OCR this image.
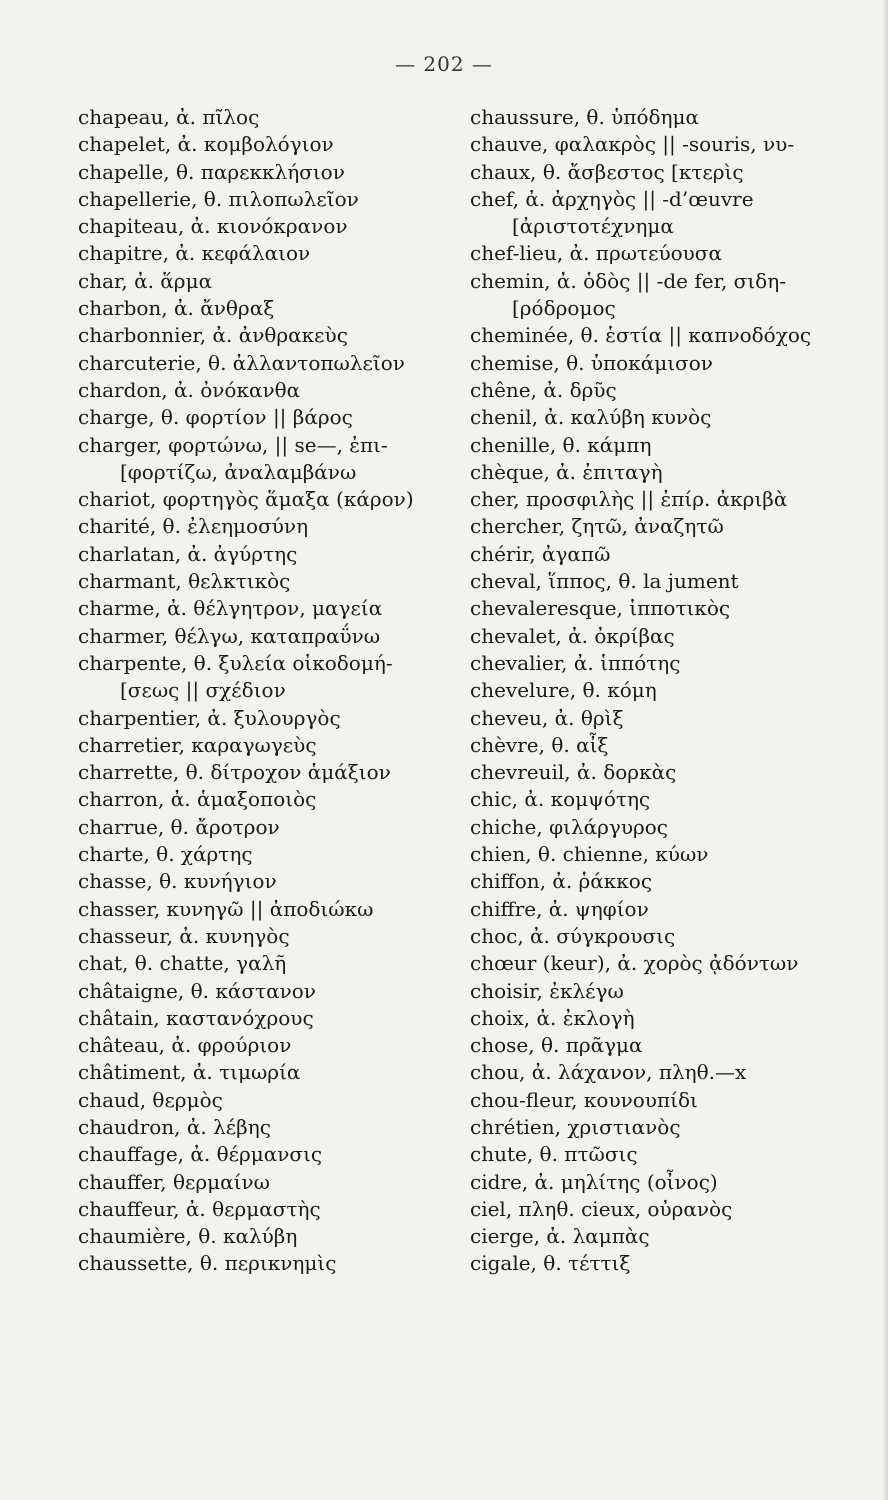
— 202 —
chapeau, ἀ. πῖλος
chapelet, ἀ. κομβολόγιον
chapelle, θ. παρεκκλήσιον
chapellerie, θ. πιλοπωλεῖον
chapiteau, ἀ. κιονόκρανον
chapitre, ἀ. κεφάλαιον
char, ἀ. ἅρμα
charbon, ἀ. ἄνθραξ
charbonnier, ἀ. ἀνθρακεὺς
charcuterie, θ. ἀλλαντοπωλεῖον
chardon, ἀ. ὀνόκανθα
charge, θ. φορτίον || βάρος
charger, φορτώνω, || se—, ἐπι-
[φορτίζω, ἀναλαμβάνω
chariot, φορτηγὸς ἅμαξα (κάρον)
charité, θ. ἐλεημοσύνη
charlatan, ἀ. ἀγύρτης
charmant, θελκτικὸς
charme, ἀ. θέλγητρον, μαγεία
charmer, θέλγω, καταπραΰνω
charpente, θ. ξυλεία οἰκοδομή-
[σεως || σχέδιον
charpentier, ἀ. ξυλουργὸς
charretier, καραγωγεὺς
charrette, θ. δίτροχον ἁμάξιον
charron, ἀ. ἁμαξοποιὸς
charrue, θ. ἄροτρον
charte, θ. χάρτης
chasse, θ. κυνήγιον
chasser, κυνηγῶ || ἀποδιώκω
chasseur, ἀ. κυνηγὸς
chat, θ. chatte, γαλῆ
châtaigne, θ. κάστανον
châtain, καστανόχρους
château, ἀ. φρούριον
châtiment, ἀ. τιμωρία
chaud, θερμὸς
chaudron, ἀ. λέβης
chauffage, ἀ. θέρμανσις
chauffer, θερμαίνω
chauffeur, ἀ. θερμαστὴς
chaumière, θ. καλύβη
chaussette, θ. περικνημὶς
chaussure, θ. ὑπόδημα
chauve, φαλακρὸς || -souris, νυ-
chaux, θ. ἄσβεστος [κτερὶς
chef, ἀ. ἀρχηγὸς || -d’œuvre
[ἀριστοτέχνημα
chef-lieu, ἀ. πρωτεύουσα
chemin, ἀ. ὁδὸς || -de fer, σιδη-
[ρόδρομος
cheminée, θ. ἑστία || καπνοδόχος
chemise, θ. ὑποκάμισον
chêne, ἀ. δρῦς
chenil, ἀ. καλύβη κυνὸς
chenille, θ. κάμπη
chèque, ἀ. ἐπιταγὴ
cher, προσφιλὴς || ἐπίρ. ἀκριβὰ
chercher, ζητῶ, ἀναζητῶ
chérir, ἀγαπῶ
cheval, ἵππος, θ. la jument
chevaleresque, ἱπποτικὸς
chevalet, ἀ. ὀκρίβας
chevalier, ἀ. ἱππότης
chevelure, θ. κόμη
cheveu, ἀ. θρὶξ
chèvre, θ. αἶξ
chevreuil, ἀ. δορκὰς
chic, ἀ. κομψότης
chiche, φιλάργυρος
chien, θ. chienne, κύων
chiffon, ἀ. ῥάκκος
chiffre, ἀ. ψηφίον
choc, ἀ. σύγκρουσις
chœur (keur), ἀ. χορὸς ᾀδόντων
choisir, ἐκλέγω
choix, ἀ. ἐκλογὴ
chose, θ. πρᾶγμα
chou, ἀ. λάχανον, πληθ.—x
chou-fleur, κουνουπίδι
chrétien, χριστιανὸς
chute, θ. πτῶσις
cidre, ἀ. μηλίτης (οἶνος)
ciel, πληθ. cieux, οὐρανὸς
cierge, ἀ. λαμπὰς
cigale, θ. τέττιξ
